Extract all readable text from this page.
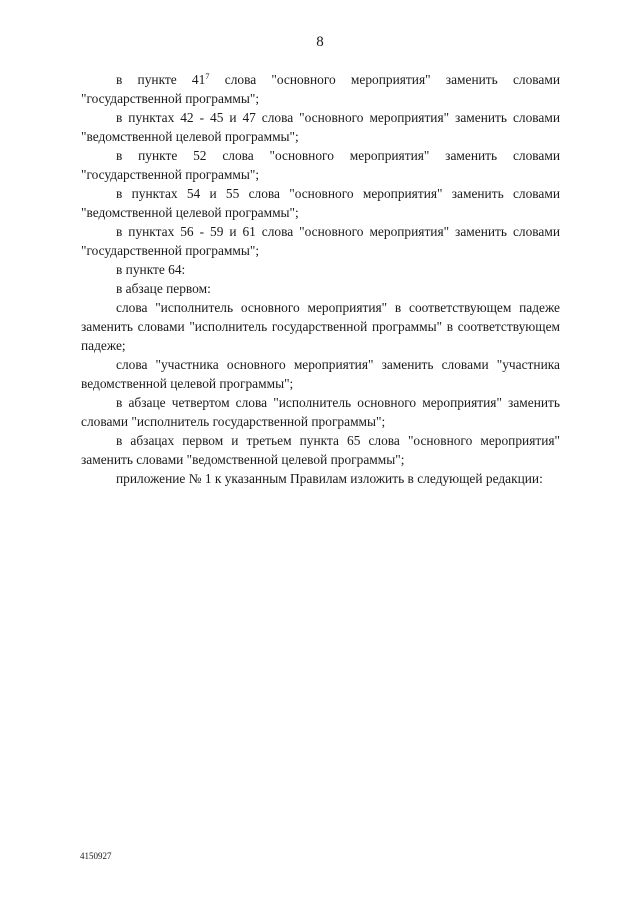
8

в пункте $41^7$ слова "основного мероприятия" заменить словами "государственной программы";

в пунктах 42 - 45 и 47 слова "основного мероприятия" заменить словами "ведомственной целевой программы";

в пункте 52 слова "основного мероприятия" заменить словами "государственной программы";

в пунктах 54 и 55 слова "основного мероприятия" заменить словами "ведомственной целевой программы";

в пунктах 56 - 59 и 61 слова "основного мероприятия" заменить словами "государственной программы";

в пункте 64:

в абзаце первом:

слова "исполнитель основного мероприятия" в соответствующем падеже заменить словами "исполнитель государственной программы" в соответствующем падеже;

слова "участника основного мероприятия" заменить словами "участника ведомственной целевой программы";

в абзаце четвертом слова "исполнитель основного мероприятия" заменить словами "исполнитель государственной программы";

в абзацах первом и третьем пункта 65 слова "основного мероприятия" заменить словами "ведомственной целевой программы";

приложение № 1 к указанным Правилам изложить в следующей редакции:

4150927
